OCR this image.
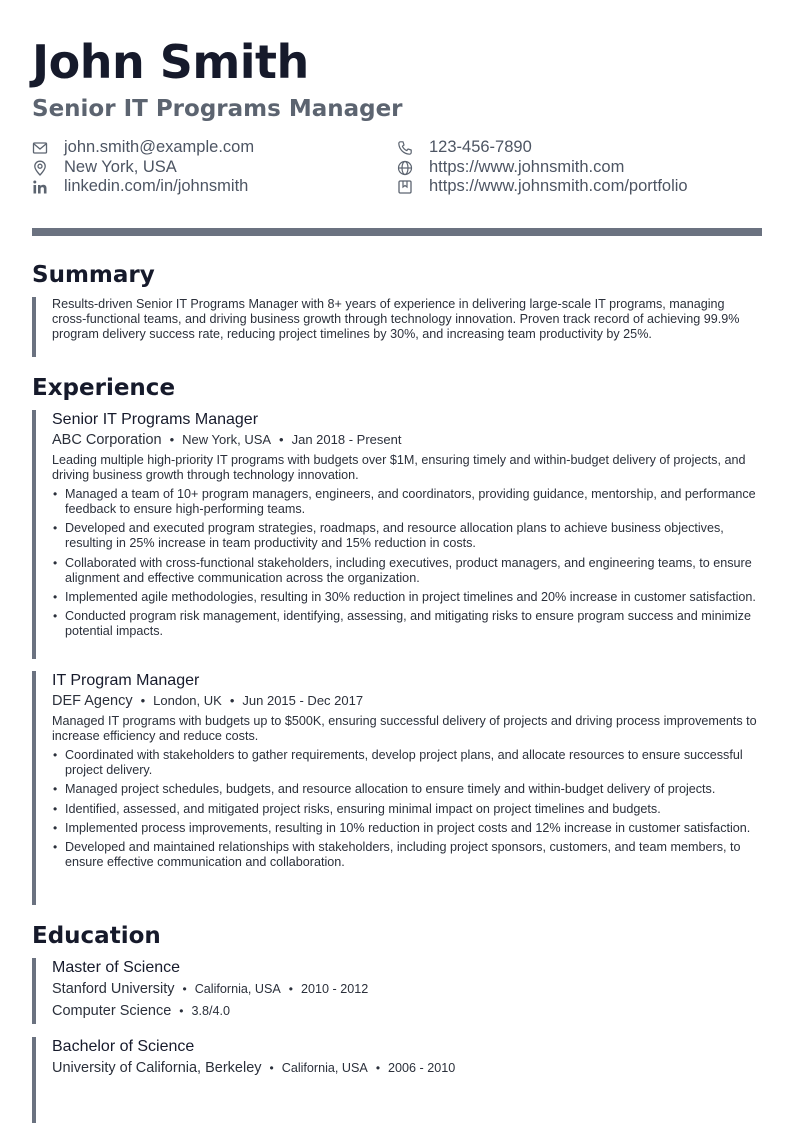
John Smith
Senior IT Programs Manager
john.smith@example.com	123-456-7890
New York, USA	https://www.johnsmith.com
linkedin.com/in/johnsmith	https://www.johnsmith.com/portfolio
Summary
Results-driven Senior IT Programs Manager with 8+ years of experience in delivering large-scale IT programs, managing cross-functional teams, and driving business growth through technology innovation. Proven track record of achieving 99.9% program delivery success rate, reducing project timelines by 30%, and increasing team productivity by 25%.
Experience
Senior IT Programs Manager
ABC Corporation • New York, USA • Jan 2018 - Present
Leading multiple high-priority IT programs with budgets over $1M, ensuring timely and within-budget delivery of projects, and driving business growth through technology innovation.
• Managed a team of 10+ program managers, engineers, and coordinators, providing guidance, mentorship, and performance feedback to ensure high-performing teams.
• Developed and executed program strategies, roadmaps, and resource allocation plans to achieve business objectives, resulting in 25% increase in team productivity and 15% reduction in costs.
• Collaborated with cross-functional stakeholders, including executives, product managers, and engineering teams, to ensure alignment and effective communication across the organization.
• Implemented agile methodologies, resulting in 30% reduction in project timelines and 20% increase in customer satisfaction.
• Conducted program risk management, identifying, assessing, and mitigating risks to ensure program success and minimize potential impacts.
IT Program Manager
DEF Agency • London, UK • Jun 2015 - Dec 2017
Managed IT programs with budgets up to $500K, ensuring successful delivery of projects and driving process improvements to increase efficiency and reduce costs.
• Coordinated with stakeholders to gather requirements, develop project plans, and allocate resources to ensure successful project delivery.
• Managed project schedules, budgets, and resource allocation to ensure timely and within-budget delivery of projects.
• Identified, assessed, and mitigated project risks, ensuring minimal impact on project timelines and budgets.
• Implemented process improvements, resulting in 10% reduction in project costs and 12% increase in customer satisfaction.
• Developed and maintained relationships with stakeholders, including project sponsors, customers, and team members, to ensure effective communication and collaboration.
Education
Master of Science
Stanford University • California, USA • 2010 - 2012
Computer Science • 3.8/4.0
Bachelor of Science
University of California, Berkeley • California, USA • 2006 - 2010
